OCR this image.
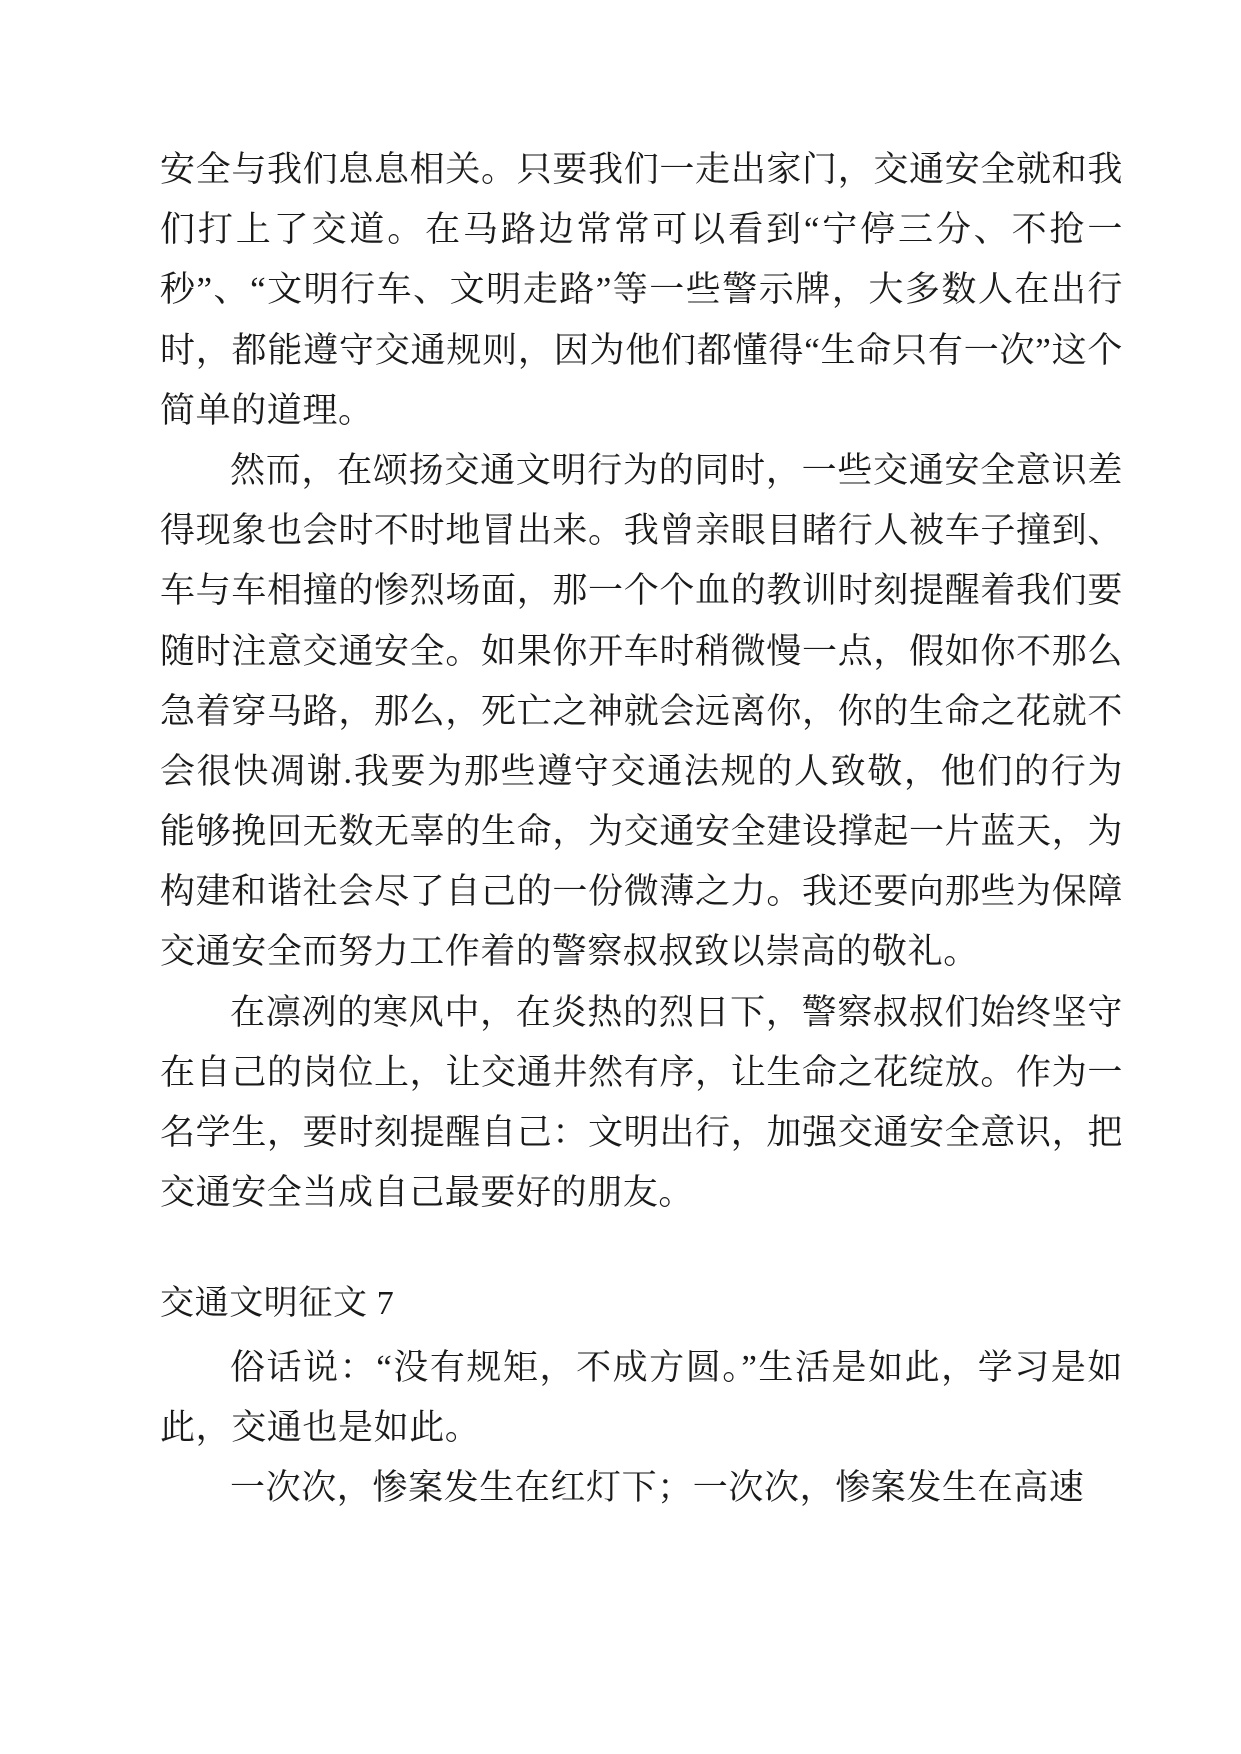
安全与我们息息相关。只要我们一走出家门，交通安全就和我们打上了交道。在马路边常常可以看到“宁停三分、不抢一秒”、“文明行车、文明走路”等一些警示牌，大多数人在出行时，都能遵守交通规则，因为他们都懂得“生命只有一次”这个简单的道理。

然而，在颂扬交通文明行为的同时，一些交通安全意识差得现象也会时不时地冒出来。我曾亲眼目睹行人被车子撞到、车与车相撞的惨烈场面，那一个个血的教训时刻提醒着我们要随时注意交通安全。如果你开车时稍微慢一点，假如你不那么急着穿马路，那么，死亡之神就会远离你，你的生命之花就不会很快凋谢.我要为那些遵守交通法规的人致敬，他们的行为能够挽回无数无辜的生命，为交通安全建设撑起一片蓝天，为构建和谐社会尽了自己的一份微薄之力。我还要向那些为保障交通安全而努力工作着的警察叔叔致以崇高的敬礼。

在凛冽的寒风中，在炎热的烈日下，警察叔叔们始终坚守在自己的岗位上，让交通井然有序，让生命之花绽放。作为一名学生，要时刻提醒自己：文明出行，加强交通安全意识，把交通安全当成自己最要好的朋友。

交通文明征文 7

俗话说：“没有规矩，不成方圆。”生活是如此，学习是如此，交通也是如此。

一次次，惨案发生在红灯下；一次次，惨案发生在高速
